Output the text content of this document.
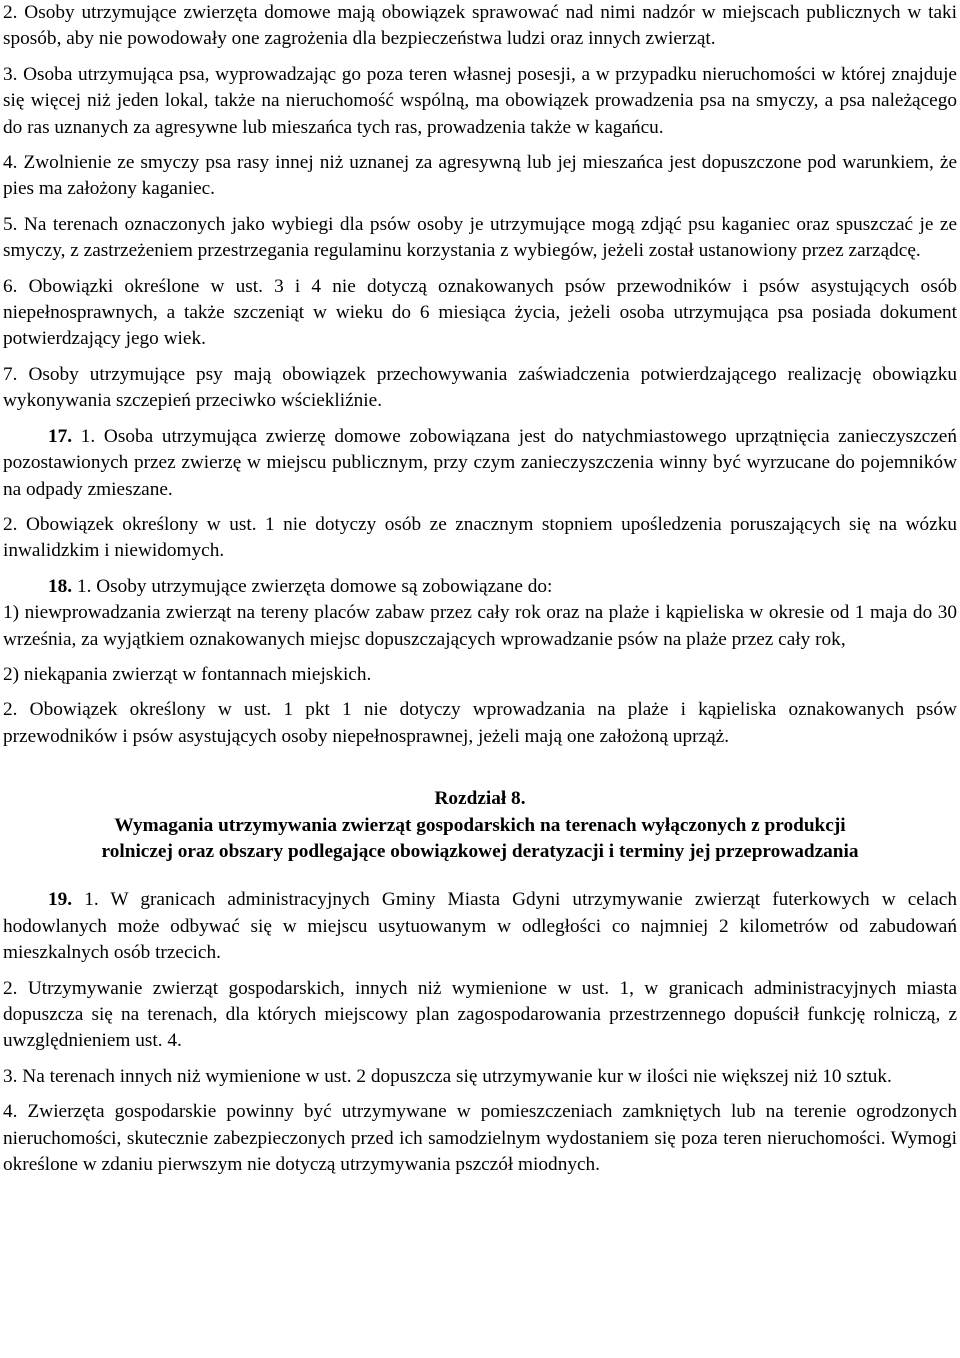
2. Osoby utrzymujące zwierzęta domowe mają obowiązek sprawować nad nimi nadzór w miejscach publicznych w taki sposób, aby nie powodowały one zagrożenia dla bezpieczeństwa ludzi oraz innych zwierząt.

3. Osoba utrzymująca psa, wyprowadzając go poza teren własnej posesji, a w przypadku nieruchomości w której znajduje się więcej niż jeden lokal, także na nieruchomość wspólną, ma obowiązek prowadzenia psa na smyczy, a psa należącego do ras uznanych za agresywne lub mieszańca tych ras, prowadzenia także w kagańcu.

4. Zwolnienie ze smyczy psa rasy innej niż uznanej za agresywną lub jej mieszańca jest dopuszczone pod warunkiem, że pies ma założony kaganiec.

5. Na terenach oznaczonych jako wybiegi dla psów osoby je utrzymujące mogą zdjąć psu kaganiec oraz spuszczać je ze smyczy, z zastrzeżeniem przestrzegania regulaminu korzystania z wybiegów, jeżeli został ustanowiony przez zarządcę.

6. Obowiązki określone w ust. 3 i 4 nie dotyczą oznakowanych psów przewodników i psów asystujących osób niepełnosprawnych, a także szczeniąt w wieku do 6 miesiąca życia, jeżeli osoba utrzymująca psa posiada dokument potwierdzający jego wiek.

7. Osoby utrzymujące psy mają obowiązek przechowywania zaświadczenia potwierdzającego realizację obowiązku wykonywania szczepień przeciwko wściekliźnie.

17. 1. Osoba utrzymująca zwierzę domowe zobowiązana jest do natychmiastowego uprzątnięcia zanieczyszczeń pozostawionych przez zwierzę w miejscu publicznym, przy czym zanieczyszczenia winny być wyrzucane do pojemników na odpady zmieszane.

2. Obowiązek określony w ust. 1 nie dotyczy osób ze znacznym stopniem upośledzenia poruszających się na wózku inwalidzkim i niewidomych.

18. 1. Osoby utrzymujące zwierzęta domowe są zobowiązane do:

1) niewprowadzania zwierząt na tereny placów zabaw przez cały rok oraz na plaże i kąpieliska w okresie od 1 maja do 30 września, za wyjątkiem oznakowanych miejsc dopuszczających wprowadzanie psów na plaże przez cały rok,

2) niekąpania zwierząt w fontannach miejskich.

2. Obowiązek określony w ust. 1 pkt 1 nie dotyczy wprowadzania na plaże i kąpieliska oznakowanych psów przewodników i psów asystujących osoby niepełnosprawnej, jeżeli mają one założoną uprząż.

Rozdział 8.

Wymagania utrzymywania zwierząt gospodarskich na terenach wyłączonych z produkcji

rolniczej oraz obszary podlegające obowiązkowej deratyzacji i terminy jej przeprowadzania

19. 1. W granicach administracyjnych Gminy Miasta Gdyni utrzymywanie zwierząt futerkowych w celach hodowlanych może odbywać się w miejscu usytuowanym w odległości co najmniej 2 kilometrów od zabudowań mieszkalnych osób trzecich.

2. Utrzymywanie zwierząt gospodarskich, innych niż wymienione w ust. 1, w granicach administracyjnych miasta dopuszcza się na terenach, dla których miejscowy plan zagospodarowania przestrzennego dopuścił funkcję rolniczą, z uwzględnieniem ust. 4.

3. Na terenach innych niż wymienione w ust. 2 dopuszcza się utrzymywanie kur w ilości nie większej niż 10 sztuk.

4. Zwierzęta gospodarskie powinny być utrzymywane w pomieszczeniach zamkniętych lub na terenie ogrodzonych nieruchomości, skutecznie zabezpieczonych przed ich samodzielnym wydostaniem się poza teren nieruchomości. Wymogi określone w zdaniu pierwszym nie dotyczą utrzymywania pszczół miodnych.
